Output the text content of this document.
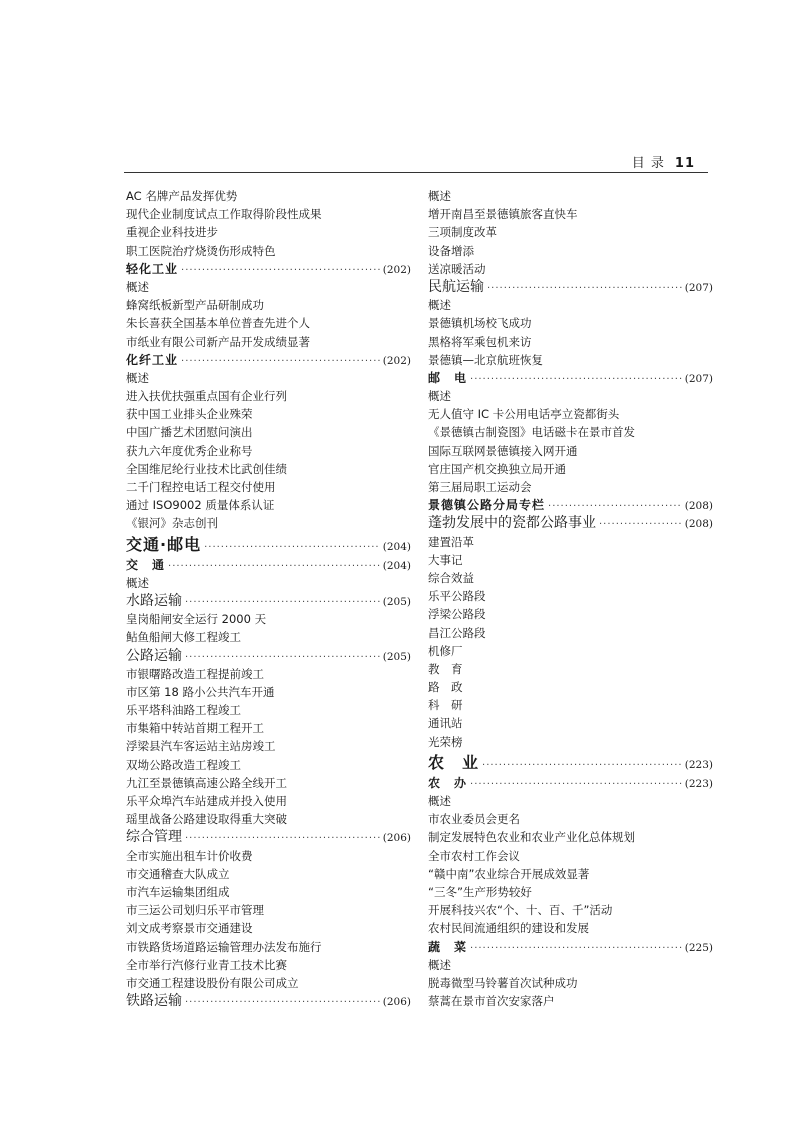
目 录 11
AC 名牌产品发挥优势
现代企业制度试点工作取得阶段性成果
重视企业科技进步
职工医院治疗烧烫伤形成特色
轻化工业 ·····	(202)
概述
蜂窝纸板新型产品研制成功
朱长喜获全国基本单位普查先进个人
市纸业有限公司新产品开发成绩显著
化纤工业 ·····	(202)
概述
进入扶优扶强重点国有企业行列
获中国工业排头企业殊荣
中国广播艺术团慰问演出
获九六年度优秀企业称号
全国维尼纶行业技术比武创佳绩
二千门程控电话工程交付使用
通过 ISO9002 质量体系认证
《银河》杂志创刊
交通·邮电 ·····	(204)
交　通 ·····	(204)
概述
水路运输 ·····	(205)
皇岗船闸安全运行 2000 天
鲇鱼船闸大修工程竣工
公路运输 ·····	(205)
市银曙路改造工程提前竣工
市区第 18 路小公共汽车开通
乐平塔科油路工程竣工
市集箱中转站首期工程开工
浮梁县汽车客运站主站房竣工
双坳公路改造工程竣工
九江至景德镇高速公路全线开工
乐平众埠汽车站建成并投入使用
瑶里战备公路建设取得重大突破
综合管理 ·····	(206)
全市实施出租车计价收费
市交通稽查大队成立
市汽车运输集团组成
市三运公司划归乐平市管理
刘文成考察景市交通建设
市铁路货场道路运输管理办法发布施行
全市举行汽修行业青工技术比赛
市交通工程建设股份有限公司成立
铁路运输 ·····	(206)
概述
增开南昌至景德镇旅客直快车
三项制度改革
设备增添
送凉暖活动
民航运输 ·····	(207)
概述
景德镇机场校飞成功
黑格将军乘包机来访
景德镇—北京航班恢复
邮　电 ·····	(207)
概述
无人值守 IC 卡公用电话亭立瓷都街头
《景德镇古制瓷图》电话磁卡在景市首发
国际互联网景德镇接入网开通
官庄国产机交换独立局开通
第三届局职工运动会
景德镇公路分局专栏 ·····	(208)
蓬勃发展中的瓷都公路事业 ·····	(208)
建置沿革
大事记
综合效益
乐平公路段
浮梁公路段
昌江公路段
机修厂
教　育
路　政
科　研
通讯站
光荣榜
农　业 ·····	(223)
农　办 ·····	(223)
概述
市农业委员会更名
制定发展特色农业和农业产业化总体规划
全市农村工作会议
“赣中南”农业综合开展成效显著
“三冬”生产形势较好
开展科技兴农“个、十、百、千”活动
农村民间流通组织的建设和发展
蔬　菜 ·····	(225)
概述
脱毒微型马铃薯首次试种成功
蔡蒿在景市首次安家落户
